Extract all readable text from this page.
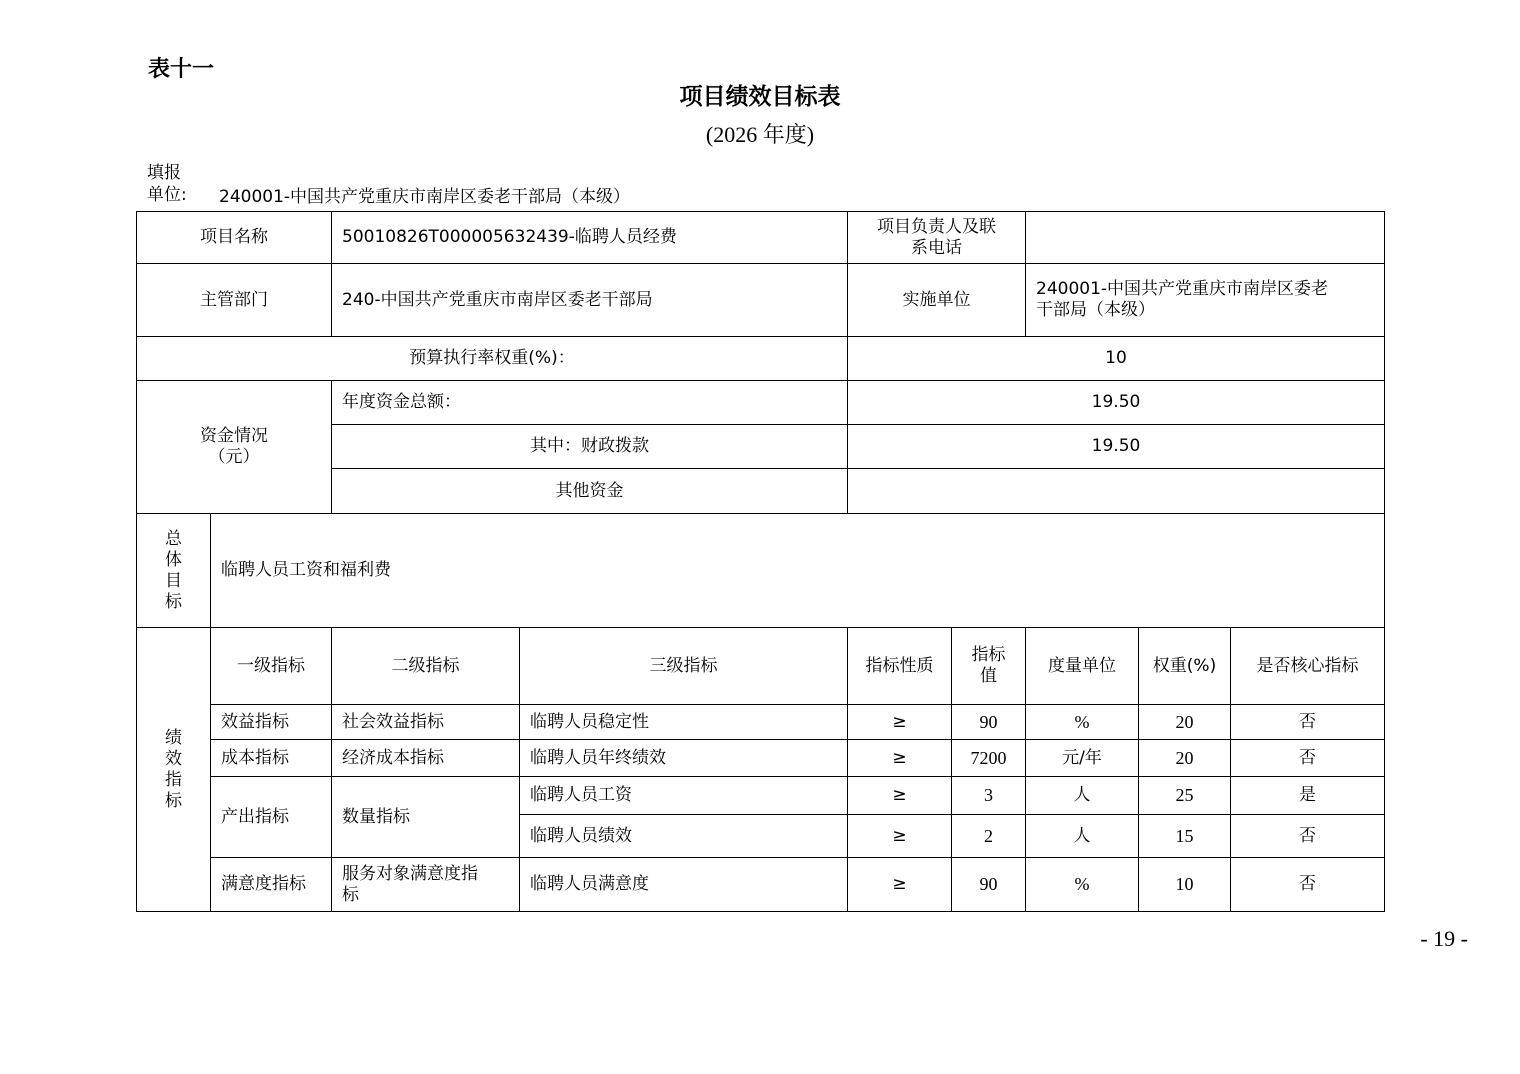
表十一
项目绩效目标表
(2026 年度)
填报
单位:	240001-中国共产党重庆市南岸区委老干部局（本级）
项目名称		50010826T000005632439-临聘人员经费		项目负责人及联
系电话				
主管部门		240-中国共产党重庆市南岸区委老干部局		实施单位		240001-中国共产党重庆市南岸区委老
干部局（本级）		
预算执行率权重(%)：				10				
资金情况
（元）		年度资金总额：		19.50				
		其中：财政拨款		19.50				
		其他资金						

总
体
目
标	临聘人员工资和福利费							

绩
效
指
标	一级指标	二级指标	三级指标	指标性质	指标
值	度量单位	权重(%)	是否核心指标
	效益指标	社会效益指标	临聘人员稳定性	≥	90	%	20	否
	成本指标	经济成本指标	临聘人员年终绩效	≥	7200	元/年	20	否
	产出指标	数量指标	临聘人员工资	≥	3	人	25	是
			临聘人员绩效	≥	2	人	15	否
	满意度指标	服务对象满意度指
标	临聘人员满意度	≥	90	%	10	否
- 19 -
